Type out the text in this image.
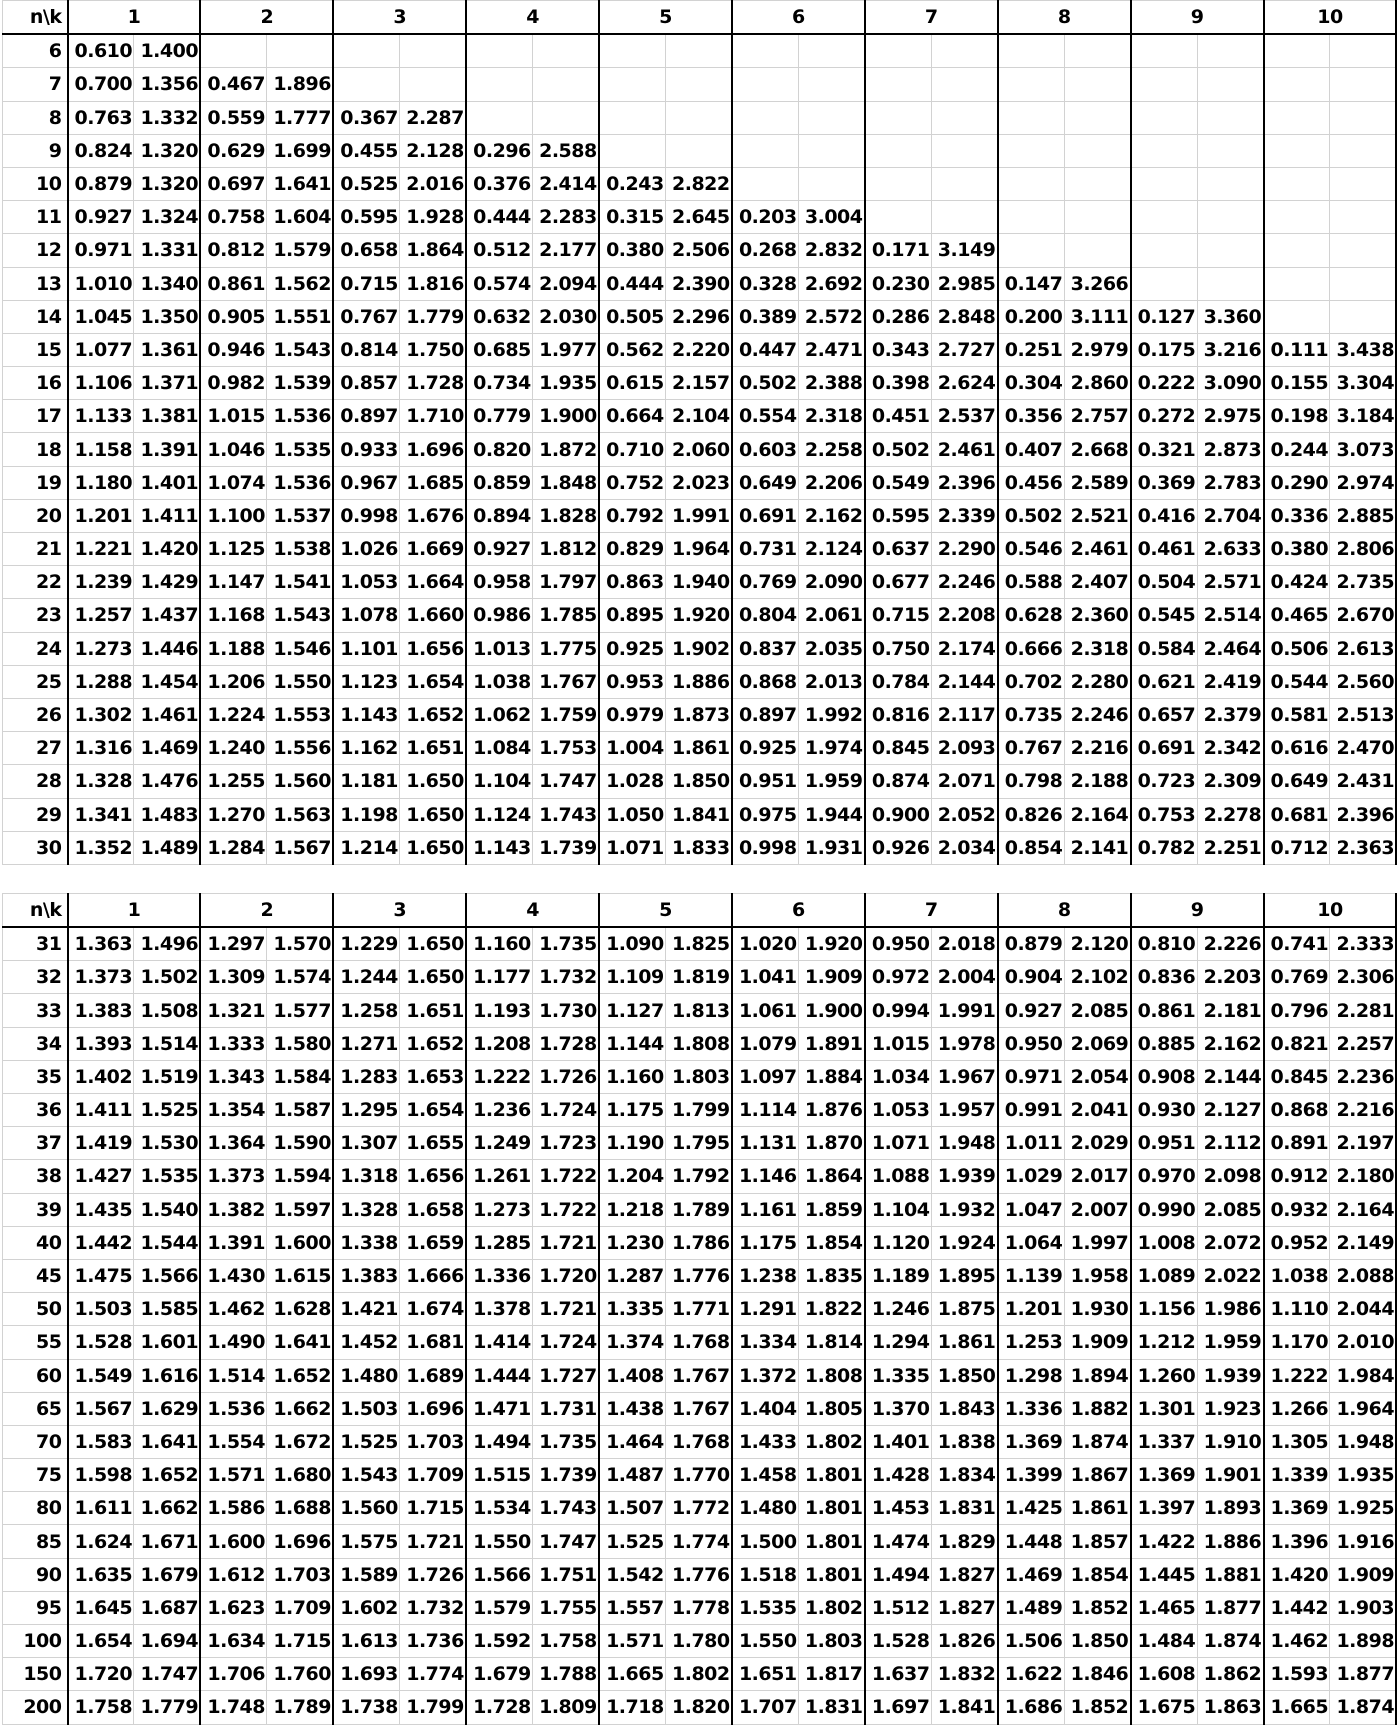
n\k	1		2		3		4		5		6		7		8		9		10	
6	0.610	1.400																		
7	0.700	1.356	0.467	1.896																
8	0.763	1.332	0.559	1.777	0.367	2.287														
9	0.824	1.320	0.629	1.699	0.455	2.128	0.296	2.588												
10	0.879	1.320	0.697	1.641	0.525	2.016	0.376	2.414	0.243	2.822										
11	0.927	1.324	0.758	1.604	0.595	1.928	0.444	2.283	0.315	2.645	0.203	3.004								
12	0.971	1.331	0.812	1.579	0.658	1.864	0.512	2.177	0.380	2.506	0.268	2.832	0.171	3.149						
13	1.010	1.340	0.861	1.562	0.715	1.816	0.574	2.094	0.444	2.390	0.328	2.692	0.230	2.985	0.147	3.266				
14	1.045	1.350	0.905	1.551	0.767	1.779	0.632	2.030	0.505	2.296	0.389	2.572	0.286	2.848	0.200	3.111	0.127	3.360		
15	1.077	1.361	0.946	1.543	0.814	1.750	0.685	1.977	0.562	2.220	0.447	2.471	0.343	2.727	0.251	2.979	0.175	3.216	0.111	3.438
16	1.106	1.371	0.982	1.539	0.857	1.728	0.734	1.935	0.615	2.157	0.502	2.388	0.398	2.624	0.304	2.860	0.222	3.090	0.155	3.304
17	1.133	1.381	1.015	1.536	0.897	1.710	0.779	1.900	0.664	2.104	0.554	2.318	0.451	2.537	0.356	2.757	0.272	2.975	0.198	3.184
18	1.158	1.391	1.046	1.535	0.933	1.696	0.820	1.872	0.710	2.060	0.603	2.258	0.502	2.461	0.407	2.668	0.321	2.873	0.244	3.073
19	1.180	1.401	1.074	1.536	0.967	1.685	0.859	1.848	0.752	2.023	0.649	2.206	0.549	2.396	0.456	2.589	0.369	2.783	0.290	2.974
20	1.201	1.411	1.100	1.537	0.998	1.676	0.894	1.828	0.792	1.991	0.691	2.162	0.595	2.339	0.502	2.521	0.416	2.704	0.336	2.885
21	1.221	1.420	1.125	1.538	1.026	1.669	0.927	1.812	0.829	1.964	0.731	2.124	0.637	2.290	0.546	2.461	0.461	2.633	0.380	2.806
22	1.239	1.429	1.147	1.541	1.053	1.664	0.958	1.797	0.863	1.940	0.769	2.090	0.677	2.246	0.588	2.407	0.504	2.571	0.424	2.735
23	1.257	1.437	1.168	1.543	1.078	1.660	0.986	1.785	0.895	1.920	0.804	2.061	0.715	2.208	0.628	2.360	0.545	2.514	0.465	2.670
24	1.273	1.446	1.188	1.546	1.101	1.656	1.013	1.775	0.925	1.902	0.837	2.035	0.750	2.174	0.666	2.318	0.584	2.464	0.506	2.613
25	1.288	1.454	1.206	1.550	1.123	1.654	1.038	1.767	0.953	1.886	0.868	2.013	0.784	2.144	0.702	2.280	0.621	2.419	0.544	2.560
26	1.302	1.461	1.224	1.553	1.143	1.652	1.062	1.759	0.979	1.873	0.897	1.992	0.816	2.117	0.735	2.246	0.657	2.379	0.581	2.513
27	1.316	1.469	1.240	1.556	1.162	1.651	1.084	1.753	1.004	1.861	0.925	1.974	0.845	2.093	0.767	2.216	0.691	2.342	0.616	2.470
28	1.328	1.476	1.255	1.560	1.181	1.650	1.104	1.747	1.028	1.850	0.951	1.959	0.874	2.071	0.798	2.188	0.723	2.309	0.649	2.431
29	1.341	1.483	1.270	1.563	1.198	1.650	1.124	1.743	1.050	1.841	0.975	1.944	0.900	2.052	0.826	2.164	0.753	2.278	0.681	2.396
30	1.352	1.489	1.284	1.567	1.214	1.650	1.143	1.739	1.071	1.833	0.998	1.931	0.926	2.034	0.854	2.141	0.782	2.251	0.712	2.363
n\k	1		2		3		4		5		6		7		8		9		10	
31	1.363	1.496	1.297	1.570	1.229	1.650	1.160	1.735	1.090	1.825	1.020	1.920	0.950	2.018	0.879	2.120	0.810	2.226	0.741	2.333
32	1.373	1.502	1.309	1.574	1.244	1.650	1.177	1.732	1.109	1.819	1.041	1.909	0.972	2.004	0.904	2.102	0.836	2.203	0.769	2.306
33	1.383	1.508	1.321	1.577	1.258	1.651	1.193	1.730	1.127	1.813	1.061	1.900	0.994	1.991	0.927	2.085	0.861	2.181	0.796	2.281
34	1.393	1.514	1.333	1.580	1.271	1.652	1.208	1.728	1.144	1.808	1.079	1.891	1.015	1.978	0.950	2.069	0.885	2.162	0.821	2.257
35	1.402	1.519	1.343	1.584	1.283	1.653	1.222	1.726	1.160	1.803	1.097	1.884	1.034	1.967	0.971	2.054	0.908	2.144	0.845	2.236
36	1.411	1.525	1.354	1.587	1.295	1.654	1.236	1.724	1.175	1.799	1.114	1.876	1.053	1.957	0.991	2.041	0.930	2.127	0.868	2.216
37	1.419	1.530	1.364	1.590	1.307	1.655	1.249	1.723	1.190	1.795	1.131	1.870	1.071	1.948	1.011	2.029	0.951	2.112	0.891	2.197
38	1.427	1.535	1.373	1.594	1.318	1.656	1.261	1.722	1.204	1.792	1.146	1.864	1.088	1.939	1.029	2.017	0.970	2.098	0.912	2.180
39	1.435	1.540	1.382	1.597	1.328	1.658	1.273	1.722	1.218	1.789	1.161	1.859	1.104	1.932	1.047	2.007	0.990	2.085	0.932	2.164
40	1.442	1.544	1.391	1.600	1.338	1.659	1.285	1.721	1.230	1.786	1.175	1.854	1.120	1.924	1.064	1.997	1.008	2.072	0.952	2.149
45	1.475	1.566	1.430	1.615	1.383	1.666	1.336	1.720	1.287	1.776	1.238	1.835	1.189	1.895	1.139	1.958	1.089	2.022	1.038	2.088
50	1.503	1.585	1.462	1.628	1.421	1.674	1.378	1.721	1.335	1.771	1.291	1.822	1.246	1.875	1.201	1.930	1.156	1.986	1.110	2.044
55	1.528	1.601	1.490	1.641	1.452	1.681	1.414	1.724	1.374	1.768	1.334	1.814	1.294	1.861	1.253	1.909	1.212	1.959	1.170	2.010
60	1.549	1.616	1.514	1.652	1.480	1.689	1.444	1.727	1.408	1.767	1.372	1.808	1.335	1.850	1.298	1.894	1.260	1.939	1.222	1.984
65	1.567	1.629	1.536	1.662	1.503	1.696	1.471	1.731	1.438	1.767	1.404	1.805	1.370	1.843	1.336	1.882	1.301	1.923	1.266	1.964
70	1.583	1.641	1.554	1.672	1.525	1.703	1.494	1.735	1.464	1.768	1.433	1.802	1.401	1.838	1.369	1.874	1.337	1.910	1.305	1.948
75	1.598	1.652	1.571	1.680	1.543	1.709	1.515	1.739	1.487	1.770	1.458	1.801	1.428	1.834	1.399	1.867	1.369	1.901	1.339	1.935
80	1.611	1.662	1.586	1.688	1.560	1.715	1.534	1.743	1.507	1.772	1.480	1.801	1.453	1.831	1.425	1.861	1.397	1.893	1.369	1.925
85	1.624	1.671	1.600	1.696	1.575	1.721	1.550	1.747	1.525	1.774	1.500	1.801	1.474	1.829	1.448	1.857	1.422	1.886	1.396	1.916
90	1.635	1.679	1.612	1.703	1.589	1.726	1.566	1.751	1.542	1.776	1.518	1.801	1.494	1.827	1.469	1.854	1.445	1.881	1.420	1.909
95	1.645	1.687	1.623	1.709	1.602	1.732	1.579	1.755	1.557	1.778	1.535	1.802	1.512	1.827	1.489	1.852	1.465	1.877	1.442	1.903
100	1.654	1.694	1.634	1.715	1.613	1.736	1.592	1.758	1.571	1.780	1.550	1.803	1.528	1.826	1.506	1.850	1.484	1.874	1.462	1.898
150	1.720	1.747	1.706	1.760	1.693	1.774	1.679	1.788	1.665	1.802	1.651	1.817	1.637	1.832	1.622	1.846	1.608	1.862	1.593	1.877
200	1.758	1.779	1.748	1.789	1.738	1.799	1.728	1.809	1.718	1.820	1.707	1.831	1.697	1.841	1.686	1.852	1.675	1.863	1.665	1.874
